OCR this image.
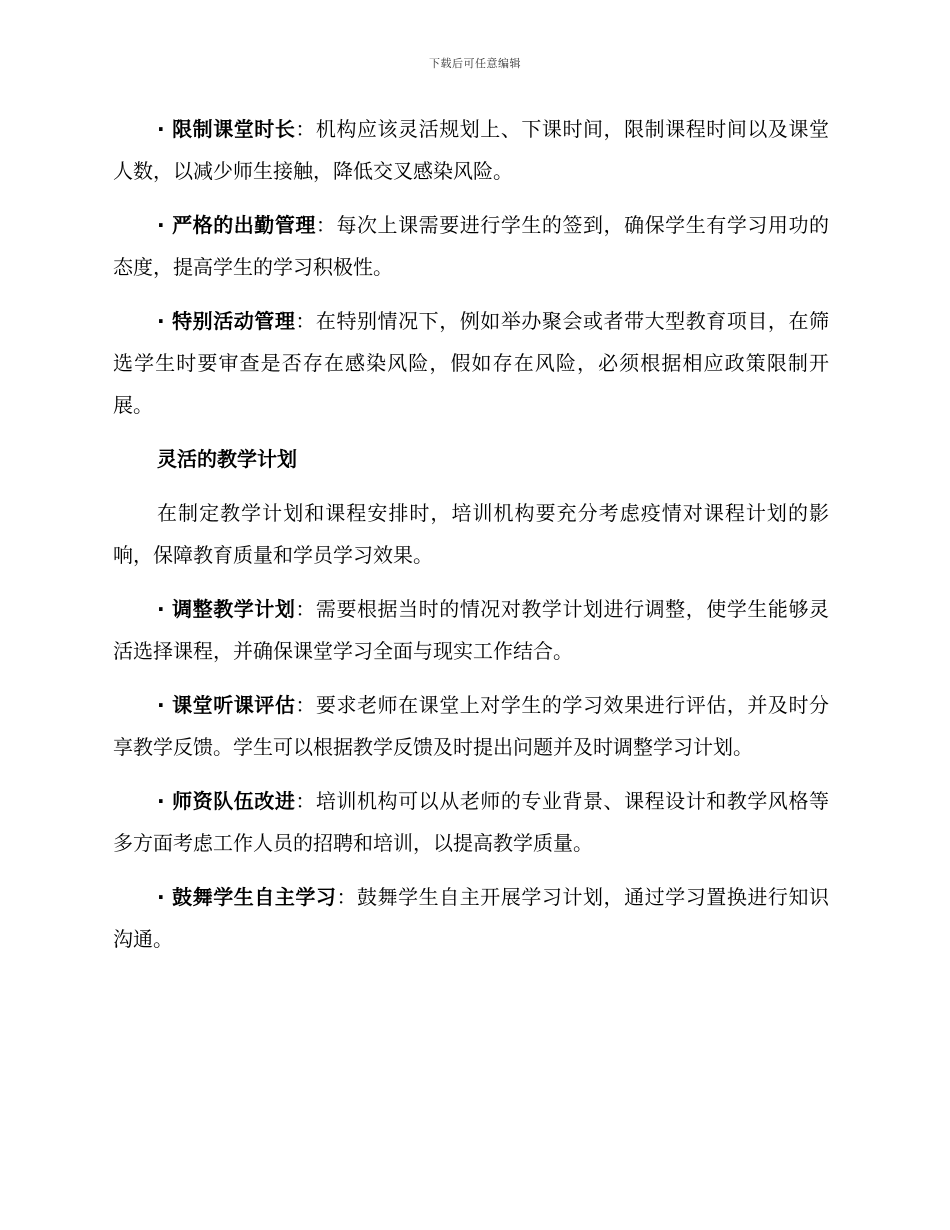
下载后可任意编辑

· 限制课堂时长：机构应该灵活规划上、下课时间，限制课程时间以及课堂人数，以减少师生接触，降低交叉感染风险。

· 严格的出勤管理：每次上课需要进行学生的签到，确保学生有学习用功的态度，提高学生的学习积极性。

· 特别活动管理：在特别情况下，例如举办聚会或者带大型教育项目，在筛选学生时要审查是否存在感染风险，假如存在风险，必须根据相应政策限制开展。

灵活的教学计划

在制定教学计划和课程安排时，培训机构要充分考虑疫情对课程计划的影响，保障教育质量和学员学习效果。

· 调整教学计划：需要根据当时的情况对教学计划进行调整，使学生能够灵活选择课程，并确保课堂学习全面与现实工作结合。

· 课堂听课评估：要求老师在课堂上对学生的学习效果进行评估，并及时分享教学反馈。学生可以根据教学反馈及时提出问题并及时调整学习计划。

· 师资队伍改进：培训机构可以从老师的专业背景、课程设计和教学风格等多方面考虑工作人员的招聘和培训，以提高教学质量。

· 鼓舞学生自主学习：鼓舞学生自主开展学习计划，通过学习置换进行知识沟通。
